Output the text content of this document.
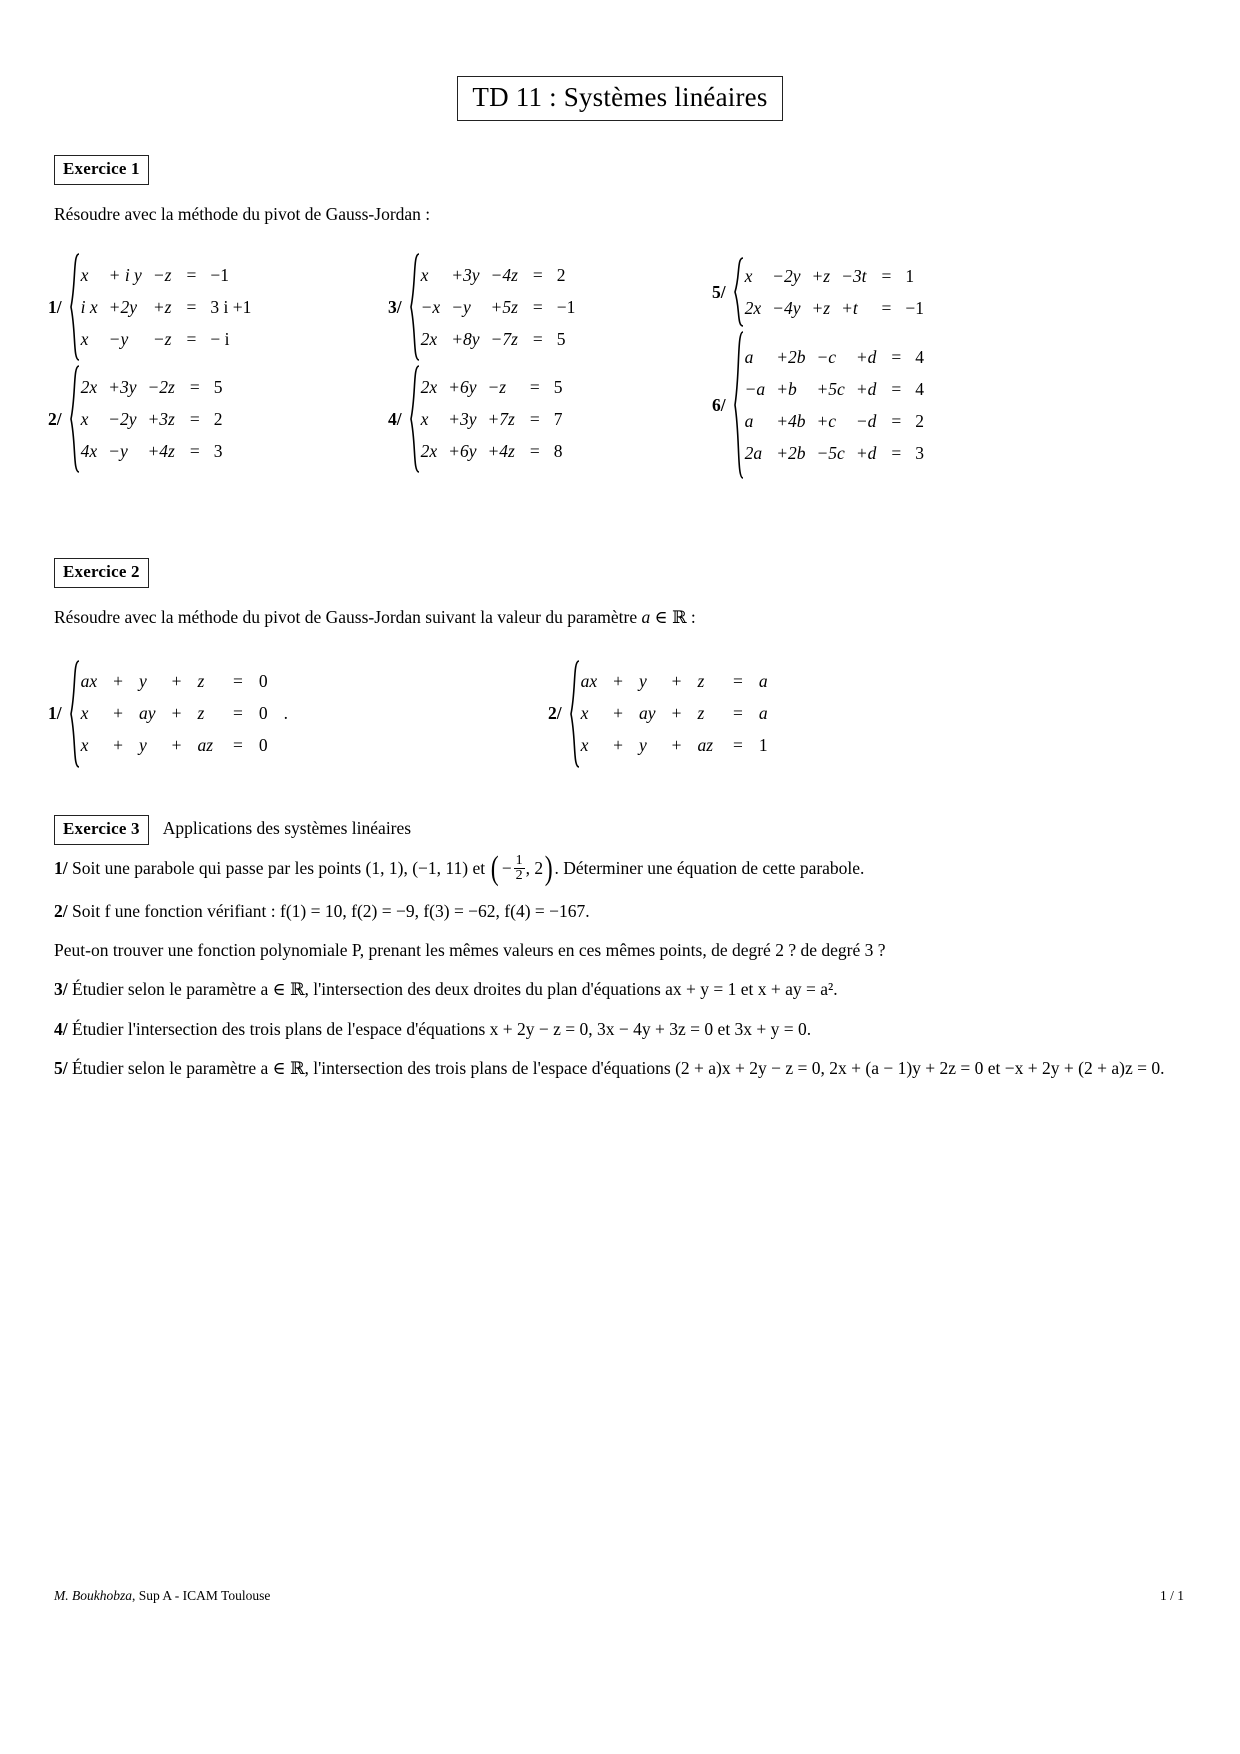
TD 11 : Systèmes linéaires
Exercice 1
Résoudre avec la méthode du pivot de Gauss-Jordan :
1/
x	+ i y	−z	=	−1
i x	+2y	+z	=	3 i +1
x	−y	−z	=	− i
2/
2x	+3y	−2z	=	5
x	−2y	+3z	=	2
4x	−y	+4z	=	3
3/
x	+3y	−4z	=	2
−x	−y	+5z	=	−1
2x	+8y	−7z	=	5
4/
2x	+6y	−z	=	5
x	+3y	+7z	=	7
2x	+6y	+4z	=	8
5/
x	−2y	+z	−3t	=	1
2x	−4y	+z	+t	=	−1
6/
a	+2b	−c	+d	=	4
−a	+b	+5c	+d	=	4
a	+4b	+c	−d	=	2
2a	+2b	−5c	+d	=	3
Exercice 2
Résoudre avec la méthode du pivot de Gauss-Jordan suivant la valeur du paramètre a ∈ ℝ :
1/
ax	+	y	+	z	=	0
x	+	ay	+	z	=	0	.
x	+	y	+	az	=	0
2/
ax	+	y	+	z	=	a
x	+	ay	+	z	=	a
x	+	y	+	az	=	1
Exercice 3 Applications des systèmes linéaires
1/ Soit une parabole qui passe par les points (1, 1), (−1, 11) et (− $\frac{1}{2}$ , 2). Déterminer une équation de cette parabole.
2/ Soit f une fonction vérifiant : f(1) = 10, f(2) = −9, f(3) = −62, f(4) = −167.
Peut-on trouver une fonction polynomiale P, prenant les mêmes valeurs en ces mêmes points, de degré 2 ? de degré 3 ?
3/ Étudier selon le paramètre a ∈ ℝ, l'intersection des deux droites du plan d'équations ax + y = 1 et x + ay = a².
4/ Étudier l'intersection des trois plans de l'espace d'équations x + 2y − z = 0, 3x − 4y + 3z = 0 et 3x + y = 0.
5/ Étudier selon le paramètre a ∈ ℝ, l'intersection des trois plans de l'espace d'équations (2 + a)x + 2y − z = 0, 2x + (a − 1)y + 2z = 0 et −x + 2y + (2 + a)z = 0.
M. Boukhobza, Sup A - ICAM Toulouse	1 / 1
